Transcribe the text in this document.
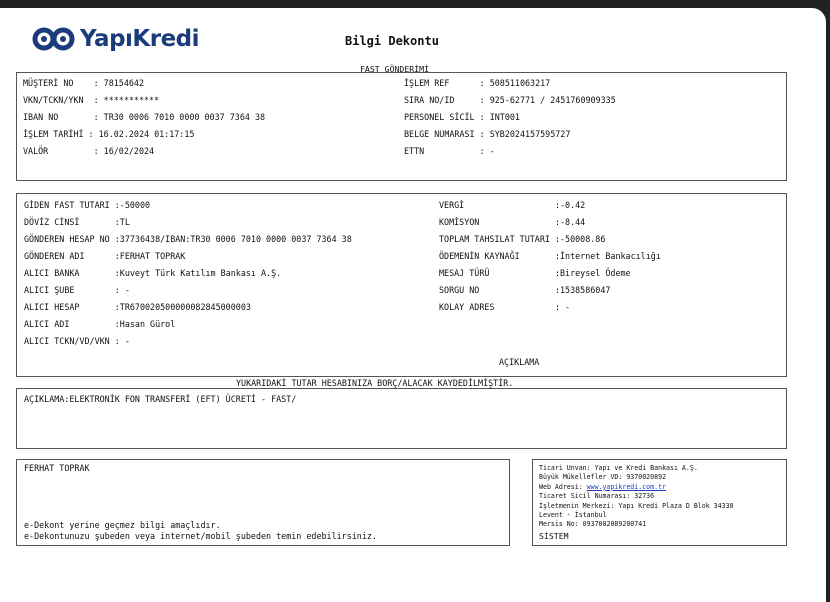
YapıKredi	Bilgi Dekontu
FAST GÖNDERİMİ
MÜŞTERİ NO    : 78154642
VKN/TCKN/YKN  : ***********
IBAN NO       : TR30 0006 7010 0000 0037 7364 38
İŞLEM TARİHİ : 16.02.2024 01:17:15
VALÖR         : 16/02/2024
İŞLEM REF      : 508511063217
SIRA NO/ID     : 925-62771 / 2451760909335
PERSONEL SİCİL : INT001
BELGE NUMARASI : SYB2024157595727
ETTN           : -
GİDEN FAST TUTARI :-50000
DÖVİZ CİNSİ       :TL
GÖNDEREN HESAP NO :37736438/IBAN:TR30 0006 7010 0000 0037 7364 38
GÖNDEREN ADI      :FERHAT TOPRAK
ALICI BANKA       :Kuveyt Türk Katılım Bankası A.Ş.
ALICI ŞUBE        : -
ALICI HESAP       :TR670020500000082845000003
ALICI ADI         :Hasan Gürol
ALICI TCKN/VD/VKN : -
VERGİ                  :-0.42
KOMİSYON               :-8.44
TOPLAM TAHSILAT TUTARI :-50008.86
ÖDEMENİN KAYNAĞI       :İnternet Bankacılığı
MESAJ TÜRÜ             :Bireysel Ödeme
SORGU NO               :1538586047
KOLAY ADRES            : -
AÇIKLAMA
YUKARIDAKİ TUTAR HESABINIZA BORÇ/ALACAK KAYDEDİLMİŞTİR.
AÇIKLAMA:ELEKTRONİK FON TRANSFERİ (EFT) ÜCRETİ - FAST/
FERHAT TOPRAK
e-Dekont yerine geçmez bilgi amaçlıdır.
e-Dekontunuzu şubeden veya internet/mobil şubeden temin edebilirsiniz.
Ticari Unvan: Yapı ve Kredi Bankası A.Ş.
Büyük Mükellefler VD: 9370020892
Web Adresi: www.yapikredi.com.tr
Ticaret Sicil Numarası: 32736
İşletmenin Merkezi: Yapı Kredi Plaza D Blok 34330
Levent - İstanbul
Mersis No: 0937002089200741
SİSTEM
